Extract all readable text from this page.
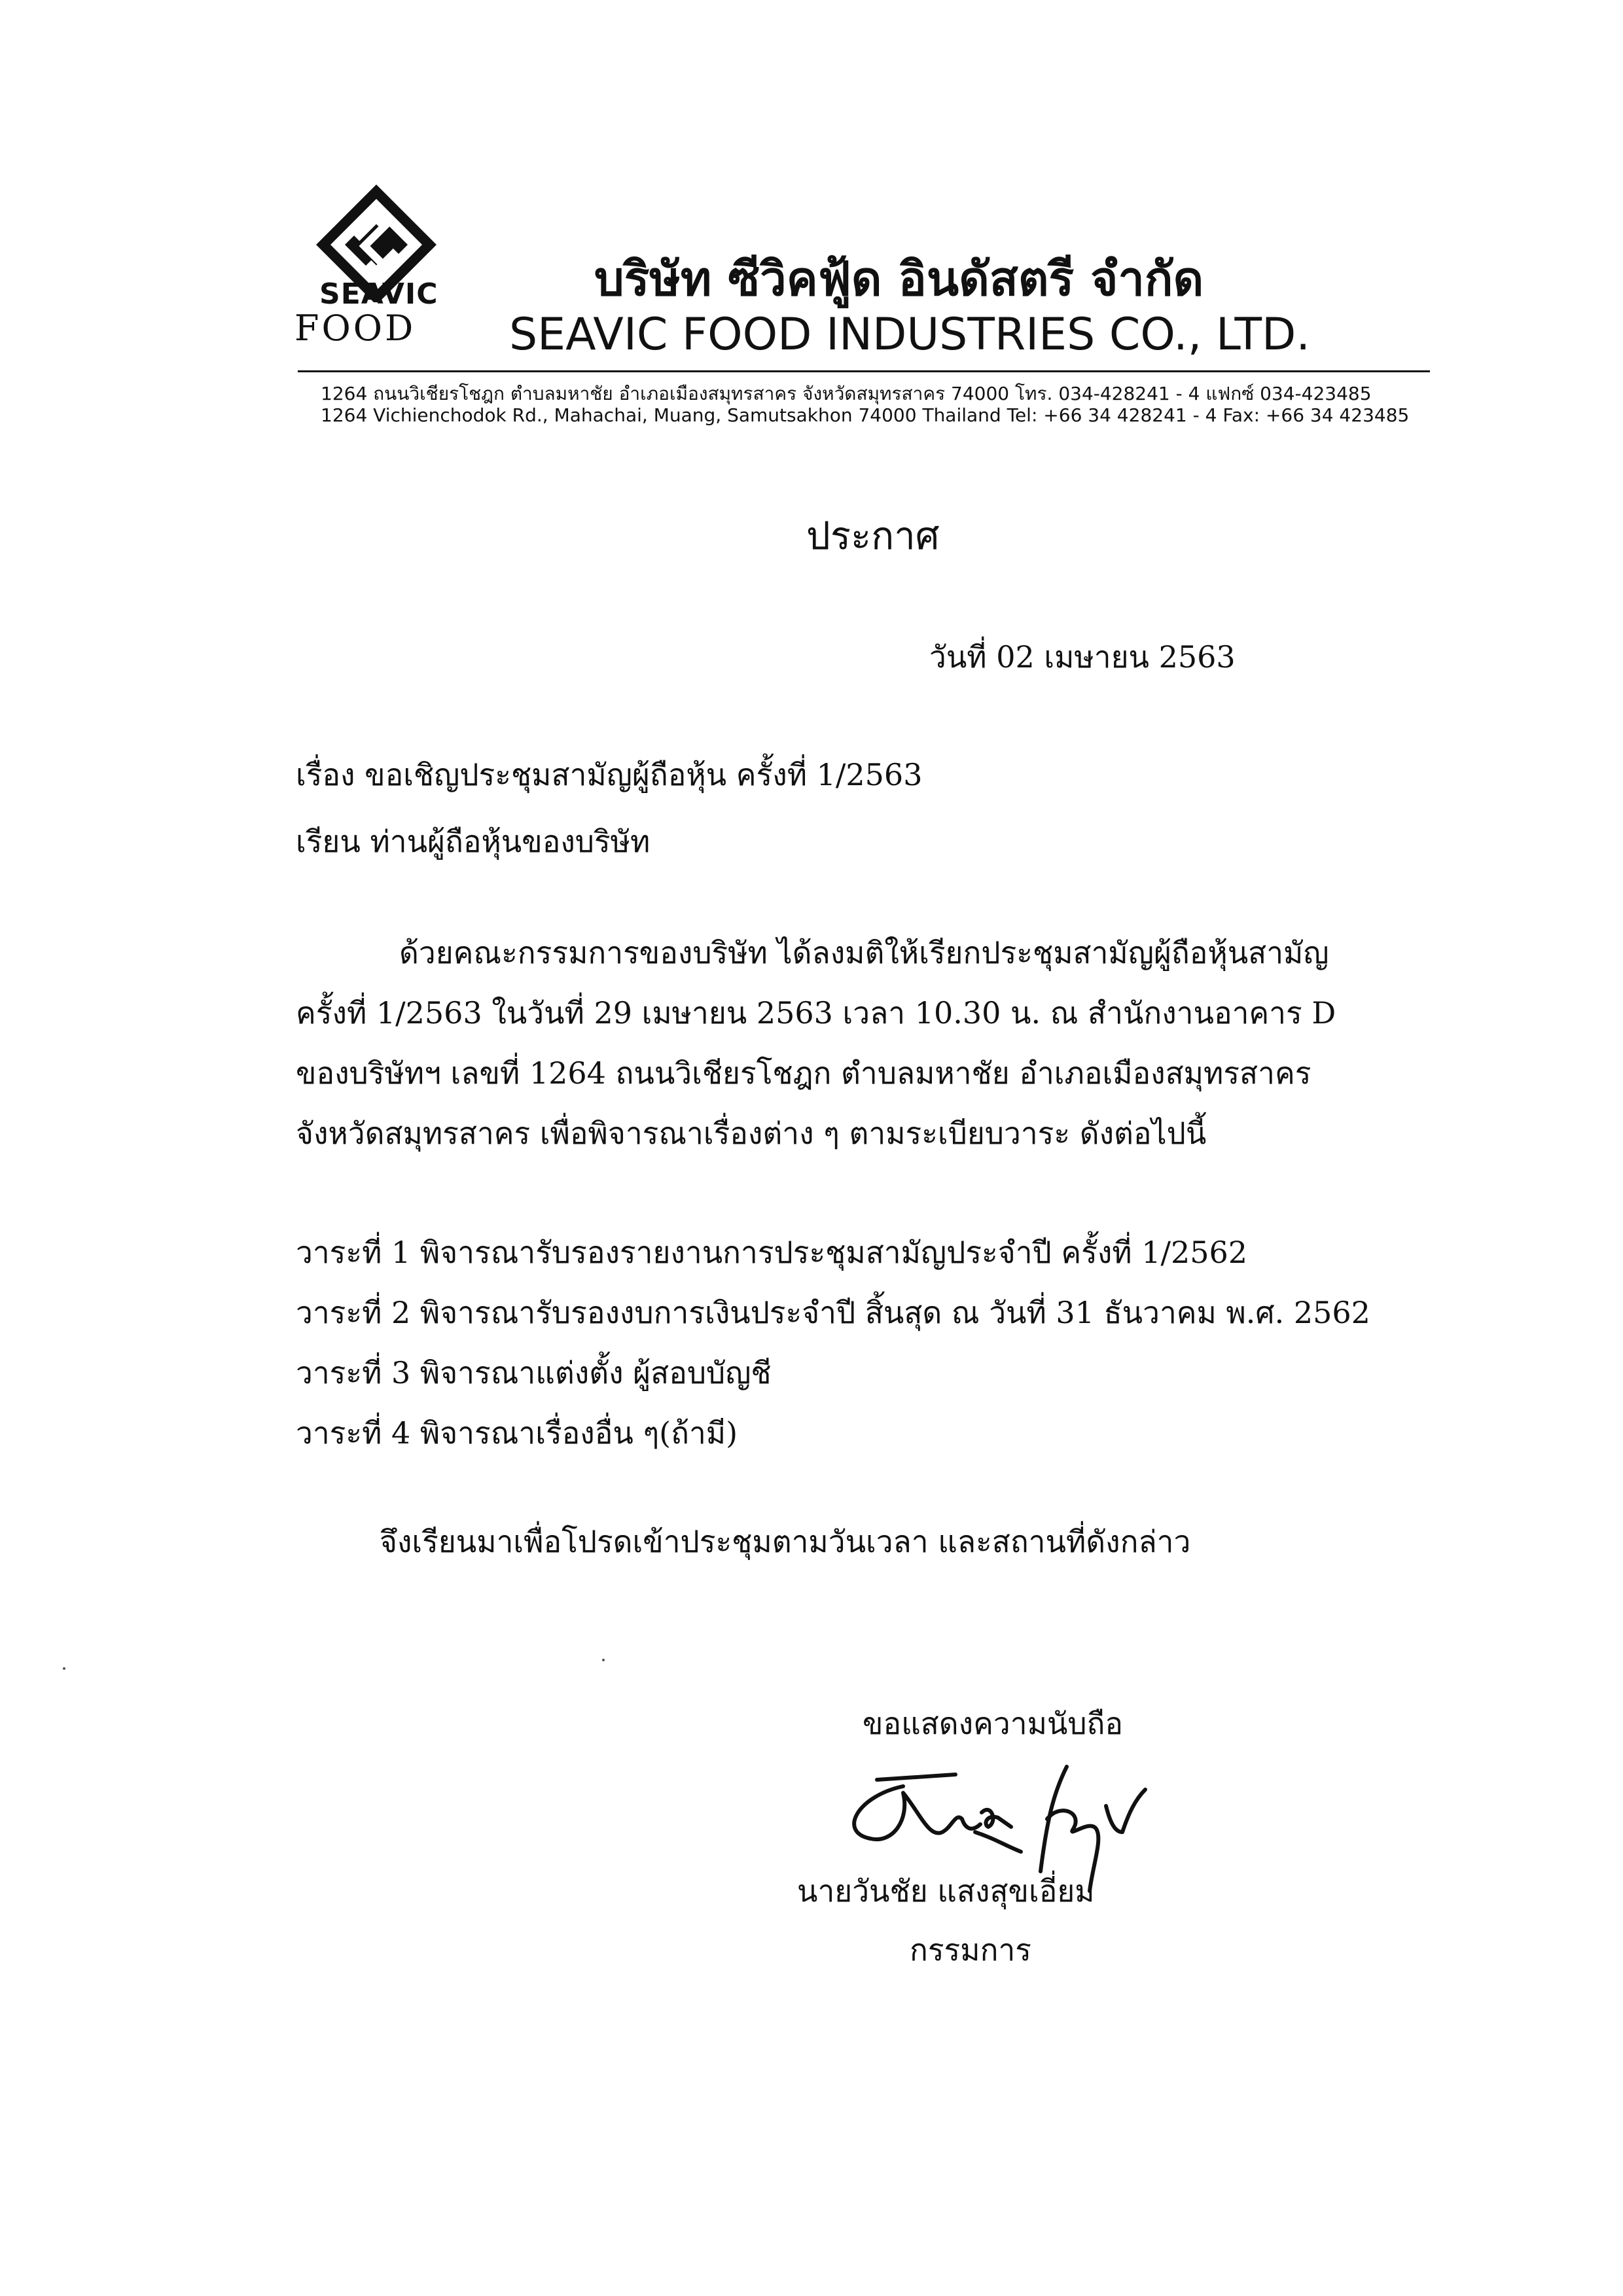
SEAVIC
FOOD
บริษัท ซีวิคฟู้ด อินดัสตรี จำกัด
SEAVIC FOOD INDUSTRIES CO., LTD.
1264 ถนนวิเชียรโชฎก ตำบลมหาชัย อำเภอเมืองสมุทรสาคร จังหวัดสมุทรสาคร 74000 โทร. 034-428241 - 4 แฟกซ์ 034-423485
1264 Vichienchodok Rd., Mahachai, Muang, Samutsakhon 74000 Thailand Tel: +66 34 428241 - 4 Fax: +66 34 423485
ประกาศ
วันที่ 02 เมษายน 2563
เรื่อง ขอเชิญประชุมสามัญผู้ถือหุ้น ครั้งที่ 1/2563
เรียน ท่านผู้ถือหุ้นของบริษัท
ด้วยคณะกรรมการของบริษัท ได้ลงมติให้เรียกประชุมสามัญผู้ถือหุ้นสามัญ
ครั้งที่ 1/2563 ในวันที่ 29 เมษายน 2563 เวลา 10.30 น. ณ สำนักงานอาคาร D
ของบริษัทฯ เลขที่ 1264 ถนนวิเชียรโชฎก ตำบลมหาชัย อำเภอเมืองสมุทรสาคร
จังหวัดสมุทรสาคร เพื่อพิจารณาเรื่องต่าง ๆ ตามระเบียบวาระ ดังต่อไปนี้
วาระที่ 1 พิจารณารับรองรายงานการประชุมสามัญประจำปี ครั้งที่ 1/2562
วาระที่ 2 พิจารณารับรองงบการเงินประจำปี สิ้นสุด ณ วันที่ 31 ธันวาคม พ.ศ. 2562
วาระที่ 3 พิจารณาแต่งตั้ง ผู้สอบบัญชี
วาระที่ 4 พิจารณาเรื่องอื่น ๆ(ถ้ามี)
จึงเรียนมาเพื่อโปรดเข้าประชุมตามวันเวลา และสถานที่ดังกล่าว
ขอแสดงความนับถือ
นายวันชัย แสงสุขเอี่ยม
กรรมการ
